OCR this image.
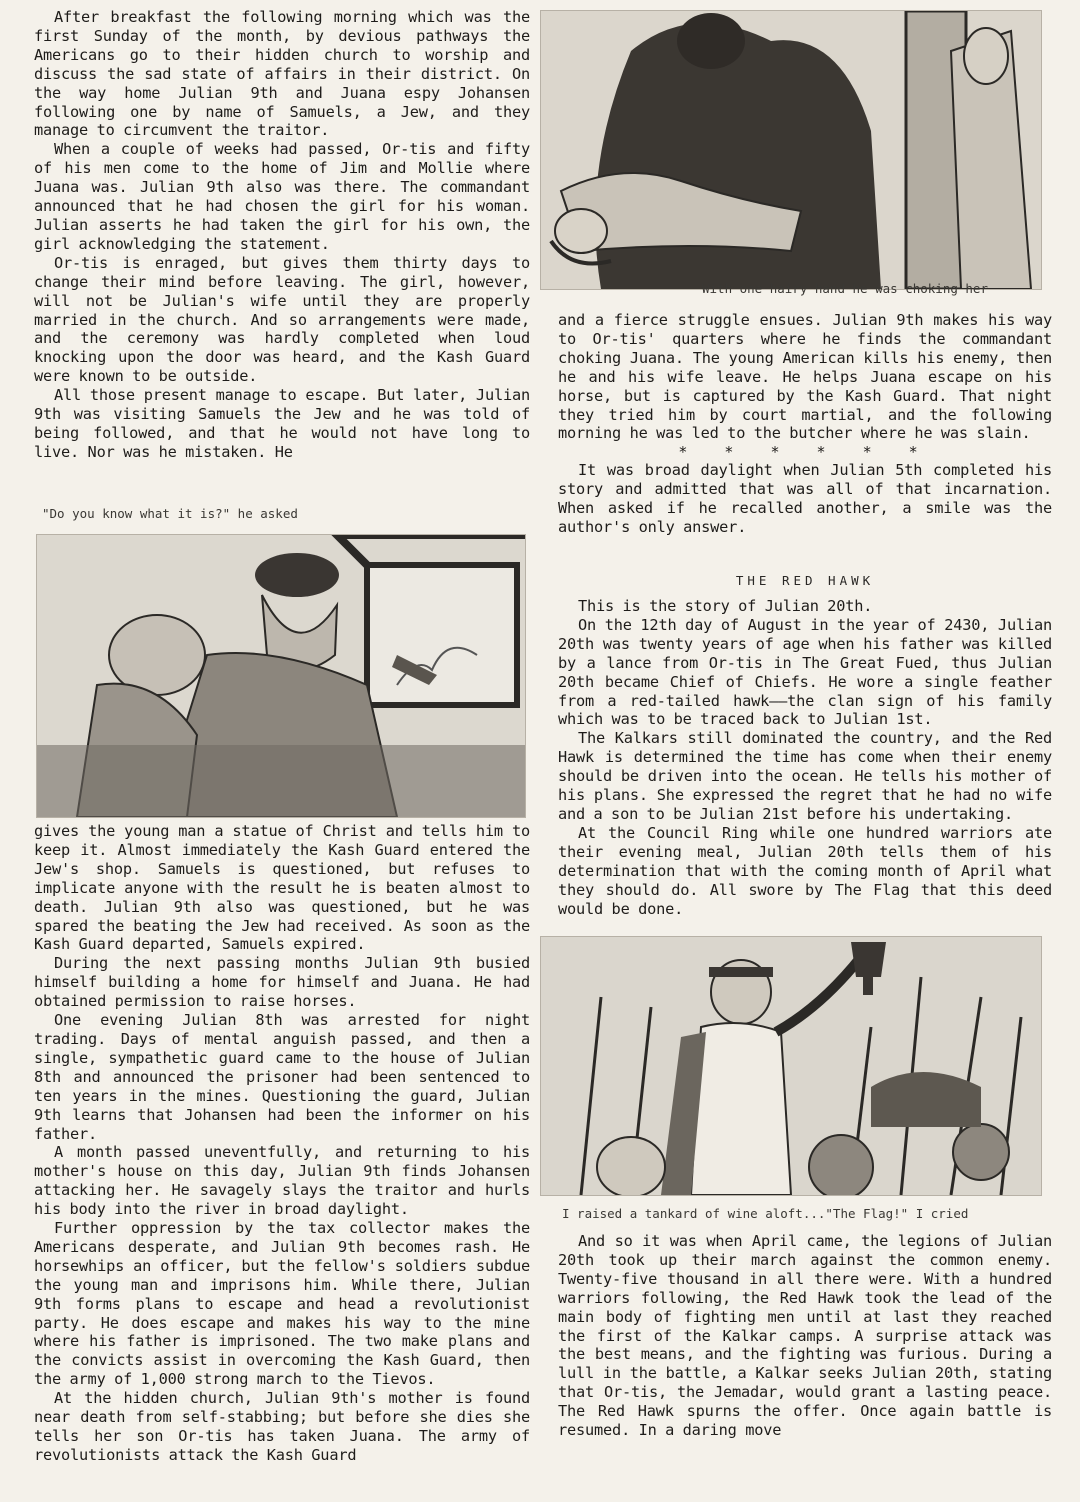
After breakfast the following morning which was the first Sunday of the month, by devious pathways the Americans go to their hidden church to worship and discuss the sad state of affairs in their district. On the way home Julian 9th and Juana espy Johansen following one by name of Samuels, a Jew, and they manage to circumvent the traitor.

When a couple of weeks had passed, Or-tis and fifty of his men come to the home of Jim and Mollie where Juana was. Julian 9th also was there. The commandant announced that he had chosen the girl for his woman. Julian asserts he had taken the girl for his own, the girl acknowledging the statement.

Or-tis is enraged, but gives them thirty days to change their mind before leaving. The girl, however, will not be Julian's wife until they are properly married in the church. And so arrangements were made, and the ceremony was hardly completed when loud knocking upon the door was heard, and the Kash Guard were known to be outside.

All those present manage to escape. But later, Julian 9th was visiting Samuels the Jew and he was told of being followed, and that he would not have long to live. Nor was he mistaken. He

"Do you know what it is?" he asked

gives the young man a statue of Christ and tells him to keep it. Almost immediately the Kash Guard entered the Jew's shop. Samuels is questioned, but refuses to implicate anyone with the result he is beaten almost to death. Julian 9th also was questioned, but he was spared the beating the Jew had received. As soon as the Kash Guard departed, Samuels expired.

During the next passing months Julian 9th busied himself building a home for himself and Juana. He had obtained permission to raise horses.

One evening Julian 8th was arrested for night trading. Days of mental anguish passed, and then a single, sympathetic guard came to the house of Julian 8th and announced the prisoner had been sentenced to ten years in the mines. Questioning the guard, Julian 9th learns that Johansen had been the informer on his father.

A month passed uneventfully, and returning to his mother's house on this day, Julian 9th finds Johansen attacking her. He savagely slays the traitor and hurls his body into the river in broad daylight.

Further oppression by the tax collector makes the Americans desperate, and Julian 9th becomes rash. He horsewhips an officer, but the fellow's soldiers subdue the young man and imprisons him. While there, Julian 9th forms plans to escape and head a revolutionist party. He does escape and makes his way to the mine where his father is imprisoned. The two make plans and the convicts assist in overcoming the Kash Guard, then the army of 1,000 strong march to the Tievos.

At the hidden church, Julian 9th's mother is found near death from self-stabbing; but before she dies she tells her son Or-tis has taken Juana. The army of revolutionists attack the Kash Guard

With one hairy hand he was choking her

and a fierce struggle ensues. Julian 9th makes his way to Or-tis' quarters where he finds the commandant choking Juana. The young American kills his enemy, then he and his wife leave. He helps Juana escape on his horse, but is captured by the Kash Guard. That night they tried him by court martial, and the following morning he was led to the butcher where he was slain.

* * * * * *

It was broad daylight when Julian 5th completed his story and admitted that was all of that incarnation. When asked if he recalled another, a smile was the author's only answer.

THE RED HAWK

This is the story of Julian 20th.

On the 12th day of August in the year of 2430, Julian 20th was twenty years of age when his father was killed by a lance from Or-tis in The Great Fued, thus Julian 20th became Chief of Chiefs. He wore a single feather from a red-tailed hawk——the clan sign of his family which was to be traced back to Julian 1st.

The Kalkars still dominated the country, and the Red Hawk is determined the time has come when their enemy should be driven into the ocean. He tells his mother of his plans. She expressed the regret that he had no wife and a son to be Julian 21st before his undertaking.

At the Council Ring while one hundred warriors ate their evening meal, Julian 20th tells them of his determination that with the coming month of April what they should do. All swore by The Flag that this deed would be done.

I raised a tankard of wine aloft..."The Flag!" I cried

And so it was when April came, the legions of Julian 20th took up their march against the common enemy. Twenty-five thousand in all there were. With a hundred warriors following, the Red Hawk took the lead of the main body of fighting men until at last they reached the first of the Kalkar camps. A surprise attack was the best means, and the fighting was furious. During a lull in the battle, a Kalkar seeks Julian 20th, stating that Or-tis, the Jemadar, would grant a lasting peace. The Red Hawk spurns the offer. Once again battle is resumed. In a daring move
